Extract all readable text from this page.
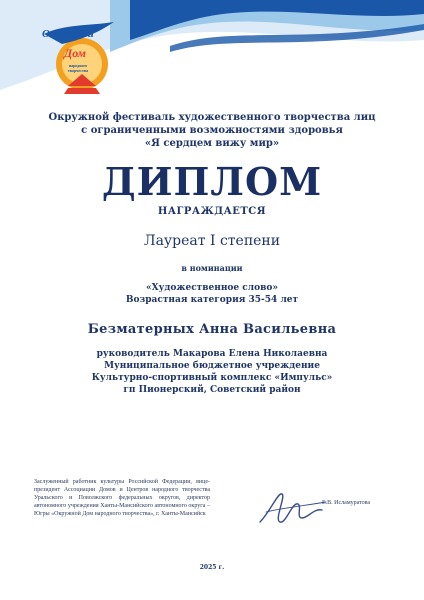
Окружной
Дом
народного творчества
Окружной фестиваль художественного творчества лиц
с ограниченными возможностями здоровья
«Я сердцем вижу мир»
ДИПЛОМ
НАГРАЖДАЕТСЯ
Лауреат I степени
в номинации
«Художественное слово»
Возрастная категория 35-54 лет
Безматерных Анна Васильевна
руководитель Макарова Елена Николаевна
Муниципальное бюджетное учреждение
Культурно-спортивный комплекс «Импульс»
гп Пионерский, Советский район
Заслуженный работник культуры Российской Федерации, вице-президент Ассоциации Домов и Центров народного творчества Уральского и Поволжского федеральных округов, директор автономного учреждения Ханты-Мансийского автономного округа – Югры «Окружной Дом народного творчества», г. Ханты-Мансийск
Е.В. Исламуратова
2025 г.
